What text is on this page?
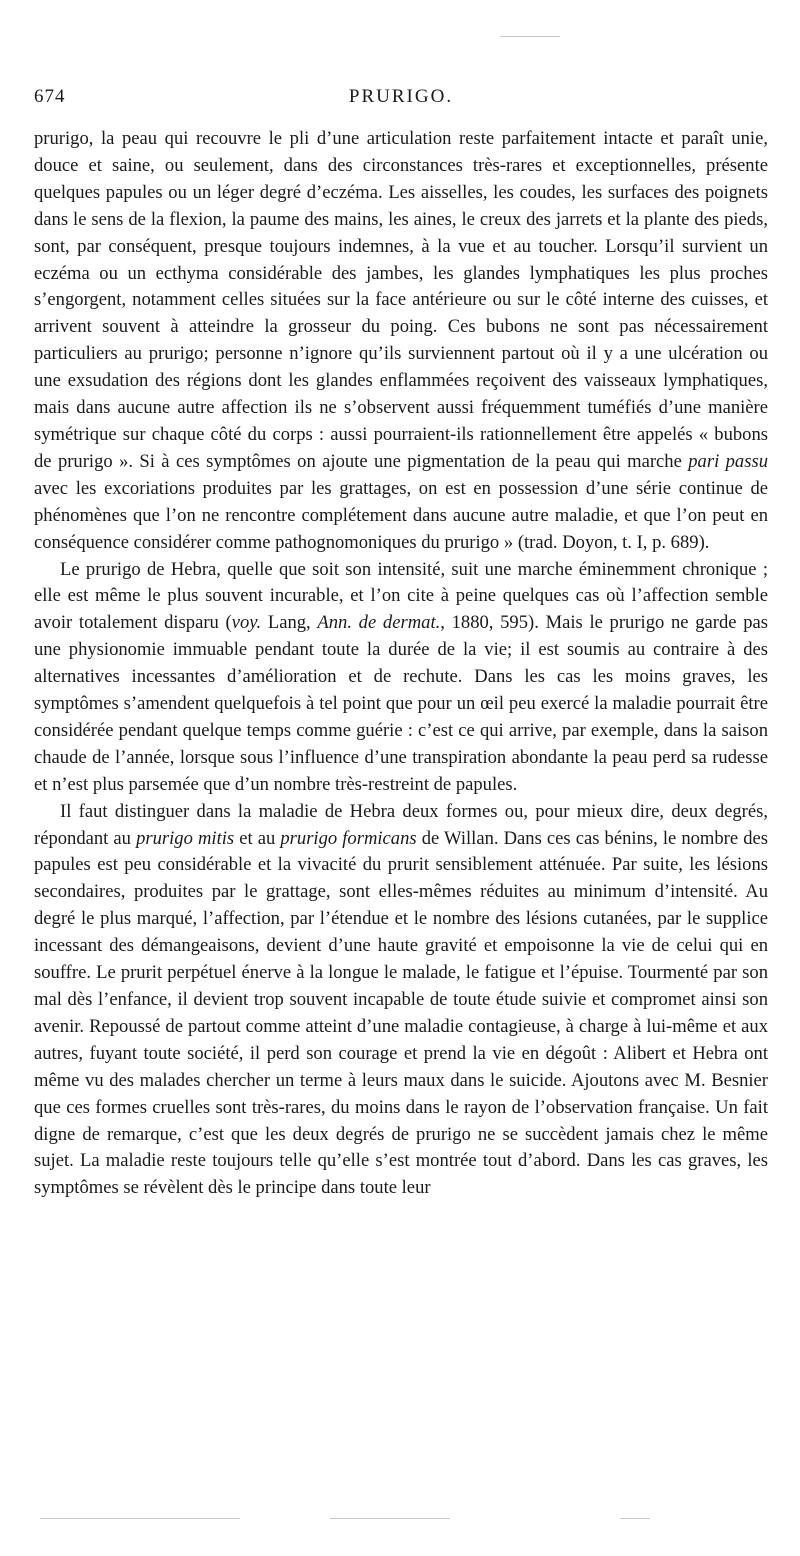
674	PRURIGO.

prurigo, la peau qui recouvre le pli d’une articulation reste parfaitement intacte et paraît unie, douce et saine, ou seulement, dans des circonstances très-rares et exceptionnelles, présente quelques papules ou un léger degré d’eczéma. Les aisselles, les coudes, les surfaces des poignets dans le sens de la flexion, la paume des mains, les aines, le creux des jarrets et la plante des pieds, sont, par conséquent, presque toujours indemnes, à la vue et au toucher. Lorsqu’il survient un eczéma ou un ecthyma considérable des jambes, les glandes lymphatiques les plus proches s’engorgent, notamment celles situées sur la face antérieure ou sur le côté interne des cuisses, et arrivent souvent à atteindre la grosseur du poing. Ces bubons ne sont pas nécessairement particuliers au prurigo; personne n’ignore qu’ils surviennent partout où il y a une ulcération ou une exsudation des régions dont les glandes enflammées reçoivent des vaisseaux lymphatiques, mais dans aucune autre affection ils ne s’observent aussi fréquemment tuméfiés d’une manière symétrique sur chaque côté du corps : aussi pourraient-ils rationnellement être appelés « bubons de prurigo ». Si à ces symptômes on ajoute une pigmentation de la peau qui marche pari passu avec les excoriations produites par les grattages, on est en possession d’une série continue de phénomènes que l’on ne rencontre complétement dans aucune autre maladie, et que l’on peut en conséquence considérer comme pathognomoniques du prurigo » (trad. Doyon, t. I, p. 689).

Le prurigo de Hebra, quelle que soit son intensité, suit une marche éminemment chronique ; elle est même le plus souvent incurable, et l’on cite à peine quelques cas où l’affection semble avoir totalement disparu (voy. Lang, Ann. de dermat., 1880, 595). Mais le prurigo ne garde pas une physionomie immuable pendant toute la durée de la vie; il est soumis au contraire à des alternatives incessantes d’amélioration et de rechute. Dans les cas les moins graves, les symptômes s’amendent quelquefois à tel point que pour un œil peu exercé la maladie pourrait être considérée pendant quelque temps comme guérie : c’est ce qui arrive, par exemple, dans la saison chaude de l’année, lorsque sous l’influence d’une transpiration abondante la peau perd sa rudesse et n’est plus parsemée que d’un nombre très-restreint de papules.

Il faut distinguer dans la maladie de Hebra deux formes ou, pour mieux dire, deux degrés, répondant au prurigo mitis et au prurigo formicans de Willan. Dans ces cas bénins, le nombre des papules est peu considérable et la vivacité du prurit sensiblement atténuée. Par suite, les lésions secondaires, produites par le grattage, sont elles-mêmes réduites au minimum d’intensité. Au degré le plus marqué, l’affection, par l’étendue et le nombre des lésions cutanées, par le supplice incessant des démangeaisons, devient d’une haute gravité et empoisonne la vie de celui qui en souffre. Le prurit perpétuel énerve à la longue le malade, le fatigue et l’épuise. Tourmenté par son mal dès l’enfance, il devient trop souvent incapable de toute étude suivie et compromet ainsi son avenir. Repoussé de partout comme atteint d’une maladie contagieuse, à charge à lui-même et aux autres, fuyant toute société, il perd son courage et prend la vie en dégoût : Alibert et Hebra ont même vu des malades chercher un terme à leurs maux dans le suicide. Ajoutons avec M. Besnier que ces formes cruelles sont très-rares, du moins dans le rayon de l’observation française. Un fait digne de remarque, c’est que les deux degrés de prurigo ne se succèdent jamais chez le même sujet. La maladie reste toujours telle qu’elle s’est montrée tout d’abord. Dans les cas graves, les symptômes se révèlent dès le principe dans toute leur
